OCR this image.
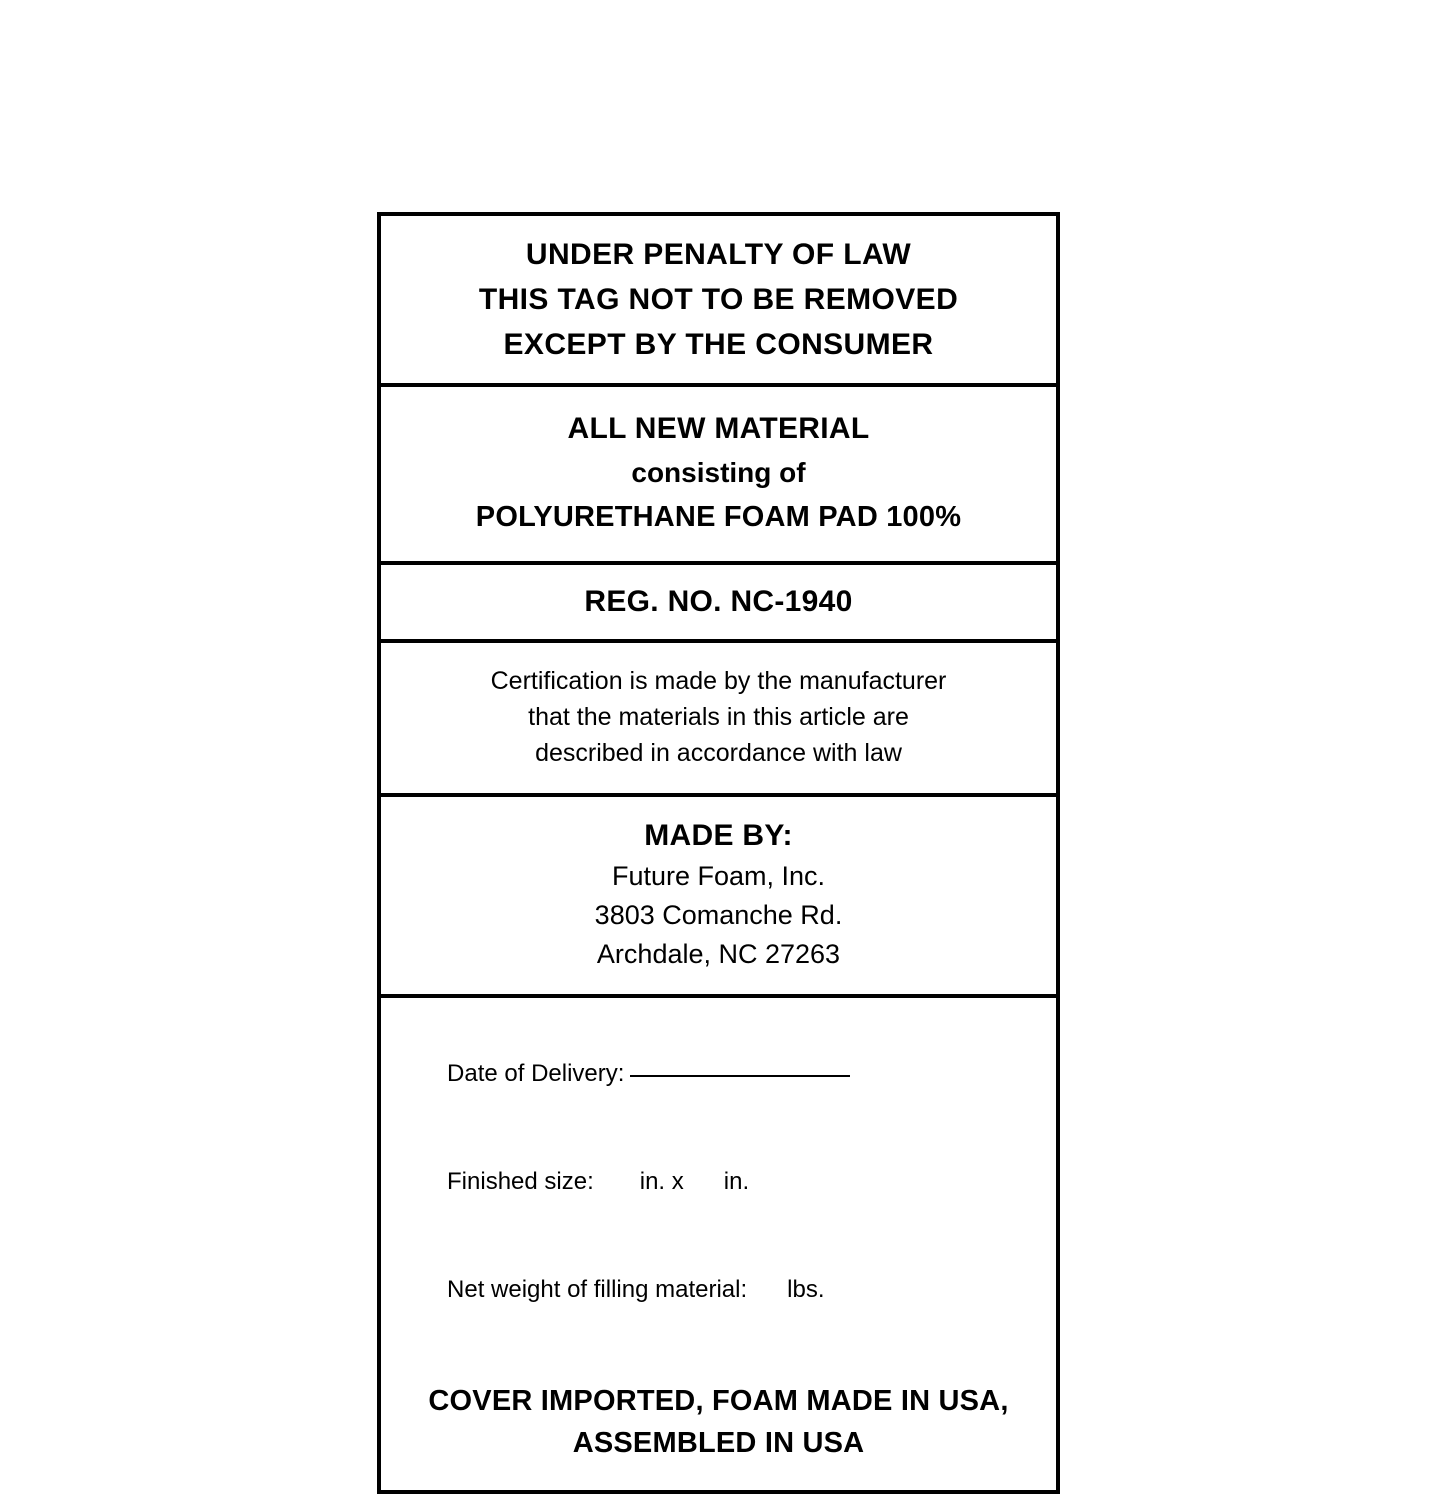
UNDER PENALTY OF LAW
THIS TAG NOT TO BE REMOVED
EXCEPT BY THE CONSUMER
ALL NEW MATERIAL
consisting of
POLYURETHANE FOAM PAD 100%
REG. NO. NC-1940
Certification is made by the manufacturer
that the materials in this article are
described in accordance with law
MADE BY:
Future Foam, Inc.
3803 Comanche Rd.
Archdale, NC 27263

Date of Delivery:

Finished size: in. x in.

Net weight of filling material: lbs.

COVER IMPORTED, FOAM MADE IN USA,
ASSEMBLED IN USA
